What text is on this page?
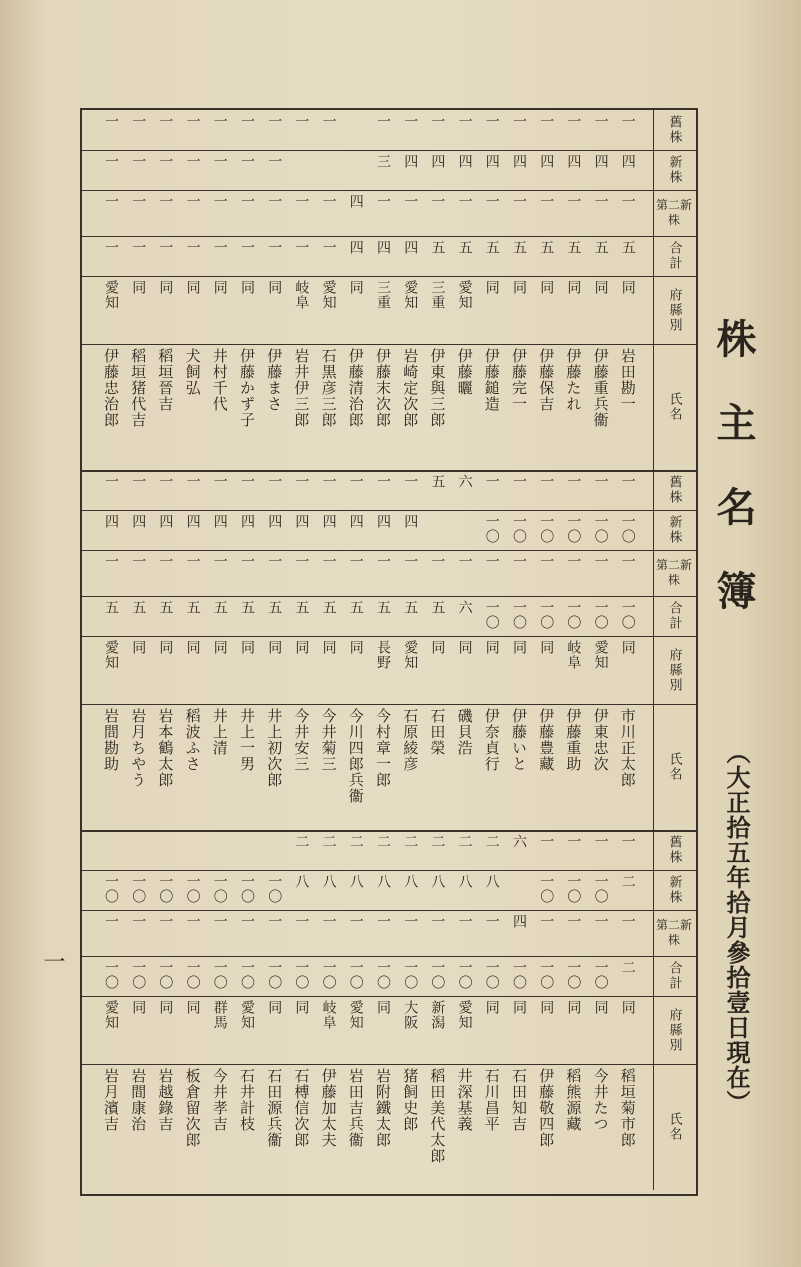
株主名簿
（大正拾五年拾月參拾壹日現在）
一
舊株
一
一
一
一
一
一
一
一
一
一
一
一
一
一
一
一
一
一
一
新株
四
四
四
四
四
四
四
四
四
三
一
一
一
一
一
一
一
第二新株
一
一
一
一
一
一
一
一
一
一
四
一
一
一
一
一
一
一
一
一
合計
五
五
五
五
五
五
五
五
四
四
四
一
一
一
一
一
一
一
一
一
府縣別
同
同
同
同
同
同
愛知
三重
愛知
三重
同
愛知
岐阜
同
同
同
同
同
同
愛知
氏名
岩田勘一
伊藤重兵衞
伊藤たれ
伊藤保吉
伊藤完一
伊藤鎚造
伊藤曬
伊東與三郎
岩崎定次郎
伊藤末次郎
伊藤清治郎
石黒彦三郎
岩井伊三郎
伊藤まさ
伊藤かず子
井村千代
犬飼弘
稻垣晉吉
稻垣猪代吉
伊藤忠治郎
舊株
一
一
一
一
一
一
六
五
一
一
一
一
一
一
一
一
一
一
一
一
新株
一〇
一〇
一〇
一〇
一〇
一〇
四
四
四
四
四
四
四
四
四
四
四
四
第二新株
一
一
一
一
一
一
一
一
一
一
一
一
一
一
一
一
一
一
一
一
合計
一〇
一〇
一〇
一〇
一〇
一〇
六
五
五
五
五
五
五
五
五
五
五
五
五
五
府縣別
同
愛知
岐阜
同
同
同
同
同
愛知
長野
同
同
同
同
同
同
同
同
同
愛知
氏名
市川正太郎
伊東忠次
伊藤重助
伊藤豊藏
伊藤いと
伊奈貞行
磯貝浩
石田榮
石原綾彦
今村章一郎
今川四郎兵衞
今井菊三
今井安三
井上初次郎
井上一男
井上清
稻波ふさ
岩本鶴太郎
岩月ちやう
岩間勘助
舊株
一
一
一
一
六
二
二
二
二
二
二
二
二
新株
二
一〇
一〇
一〇
八
八
八
八
八
八
八
八
一〇
一〇
一〇
一〇
一〇
一〇
一〇
第二新株
一
一
一
一
四
一
一
一
一
一
一
一
一
一
一
一
一
一
一
一
合計
二
一〇
一〇
一〇
一〇
一〇
一〇
一〇
一〇
一〇
一〇
一〇
一〇
一〇
一〇
一〇
一〇
一〇
一〇
一〇
府縣別
同
同
同
同
同
同
愛知
新潟
大阪
同
愛知
岐阜
同
同
愛知
群馬
同
同
同
愛知
氏名
稻垣菊市郎
今井たつ
稻熊源藏
伊藤敬四郎
石田知吉
石川昌平
井深基義
稻田美代太郎
猪飼史郎
岩附鐵太郎
岩田吉兵衞
伊藤加太夫
石榑信次郎
石田源兵衞
石井計枝
今井孝吉
板倉留次郎
岩越錄吉
岩間康治
岩月濱吉
